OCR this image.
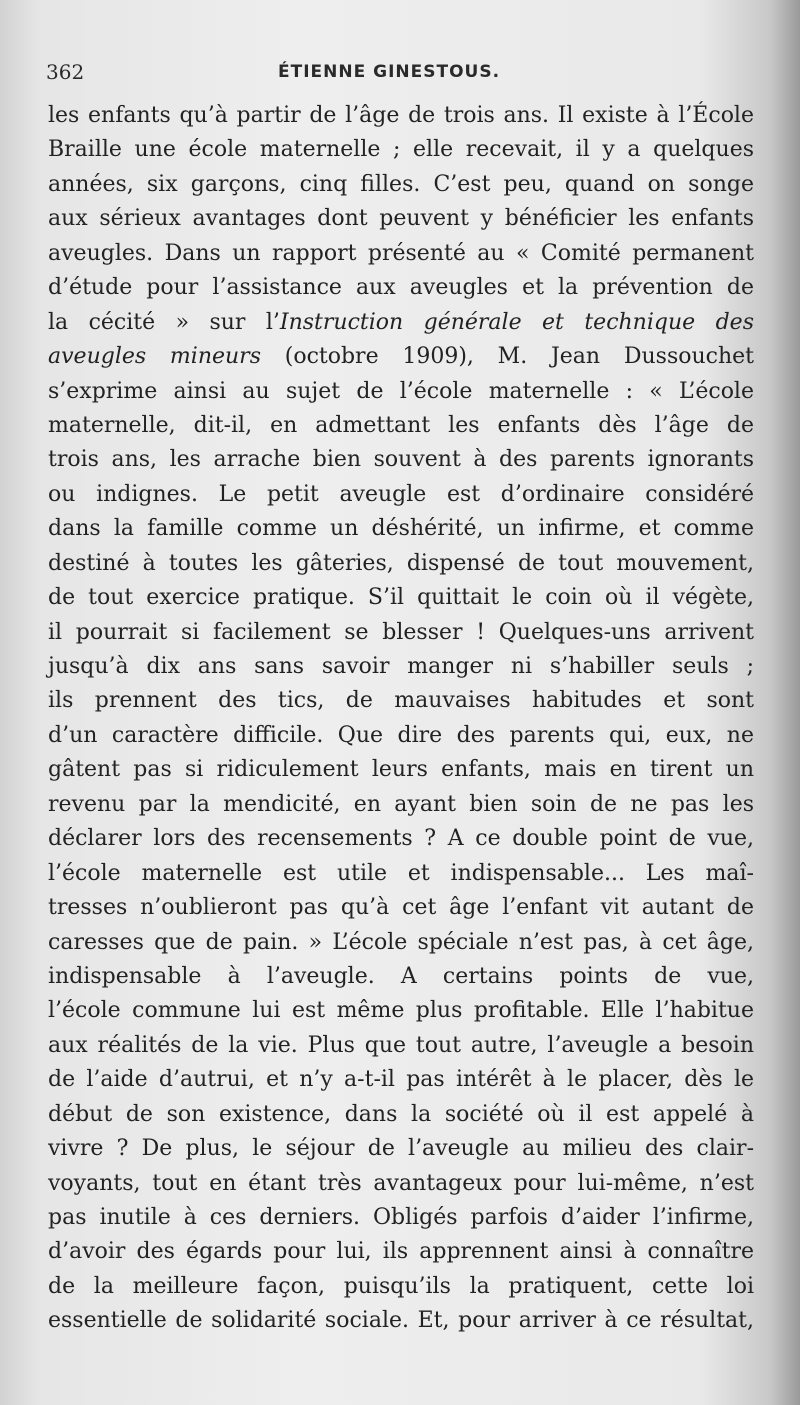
362	ÉTIENNE GINESTOUS.
les enfants qu’à partir de l’âge de trois ans. Il existe à l’École
Braille une école maternelle ; elle recevait, il y a quelques
années, six garçons, cinq filles. C’est peu, quand on songe
aux sérieux avantages dont peuvent y bénéficier les enfants
aveugles. Dans un rapport présenté au « Comité permanent
d’étude pour l’assistance aux aveugles et la prévention de
la cécité » sur l’Instruction générale et technique des
aveugles mineurs (octobre 1909), M. Jean Dussouchet
s’exprime ainsi au sujet de l’école maternelle : « L’école
maternelle, dit-il, en admettant les enfants dès l’âge de
trois ans, les arrache bien souvent à des parents ignorants
ou indignes. Le petit aveugle est d’ordinaire considéré
dans la famille comme un déshérité, un infirme, et comme
destiné à toutes les gâteries, dispensé de tout mouvement,
de tout exercice pratique. S’il quittait le coin où il végète,
il pourrait si facilement se blesser ! Quelques-uns arrivent
jusqu’à dix ans sans savoir manger ni s’habiller seuls ;
ils prennent des tics, de mauvaises habitudes et sont
d’un caractère difficile. Que dire des parents qui, eux, ne
gâtent pas si ridiculement leurs enfants, mais en tirent un
revenu par la mendicité, en ayant bien soin de ne pas les
déclarer lors des recensements ? A ce double point de vue,
l’école maternelle est utile et indispensable... Les maî-
tresses n’oublieront pas qu’à cet âge l’enfant vit autant de
caresses que de pain. » L’école spéciale n’est pas, à cet âge,
indispensable à l’aveugle. A certains points de vue,
l’école commune lui est même plus profitable. Elle l’habitue
aux réalités de la vie. Plus que tout autre, l’aveugle a besoin
de l’aide d’autrui, et n’y a-t-il pas intérêt à le placer, dès le
début de son existence, dans la société où il est appelé à
vivre ? De plus, le séjour de l’aveugle au milieu des clair-
voyants, tout en étant très avantageux pour lui-même, n’est
pas inutile à ces derniers. Obligés parfois d’aider l’infirme,
d’avoir des égards pour lui, ils apprennent ainsi à connaître
de la meilleure façon, puisqu’ils la pratiquent, cette loi
essentielle de solidarité sociale. Et, pour arriver à ce résultat,
